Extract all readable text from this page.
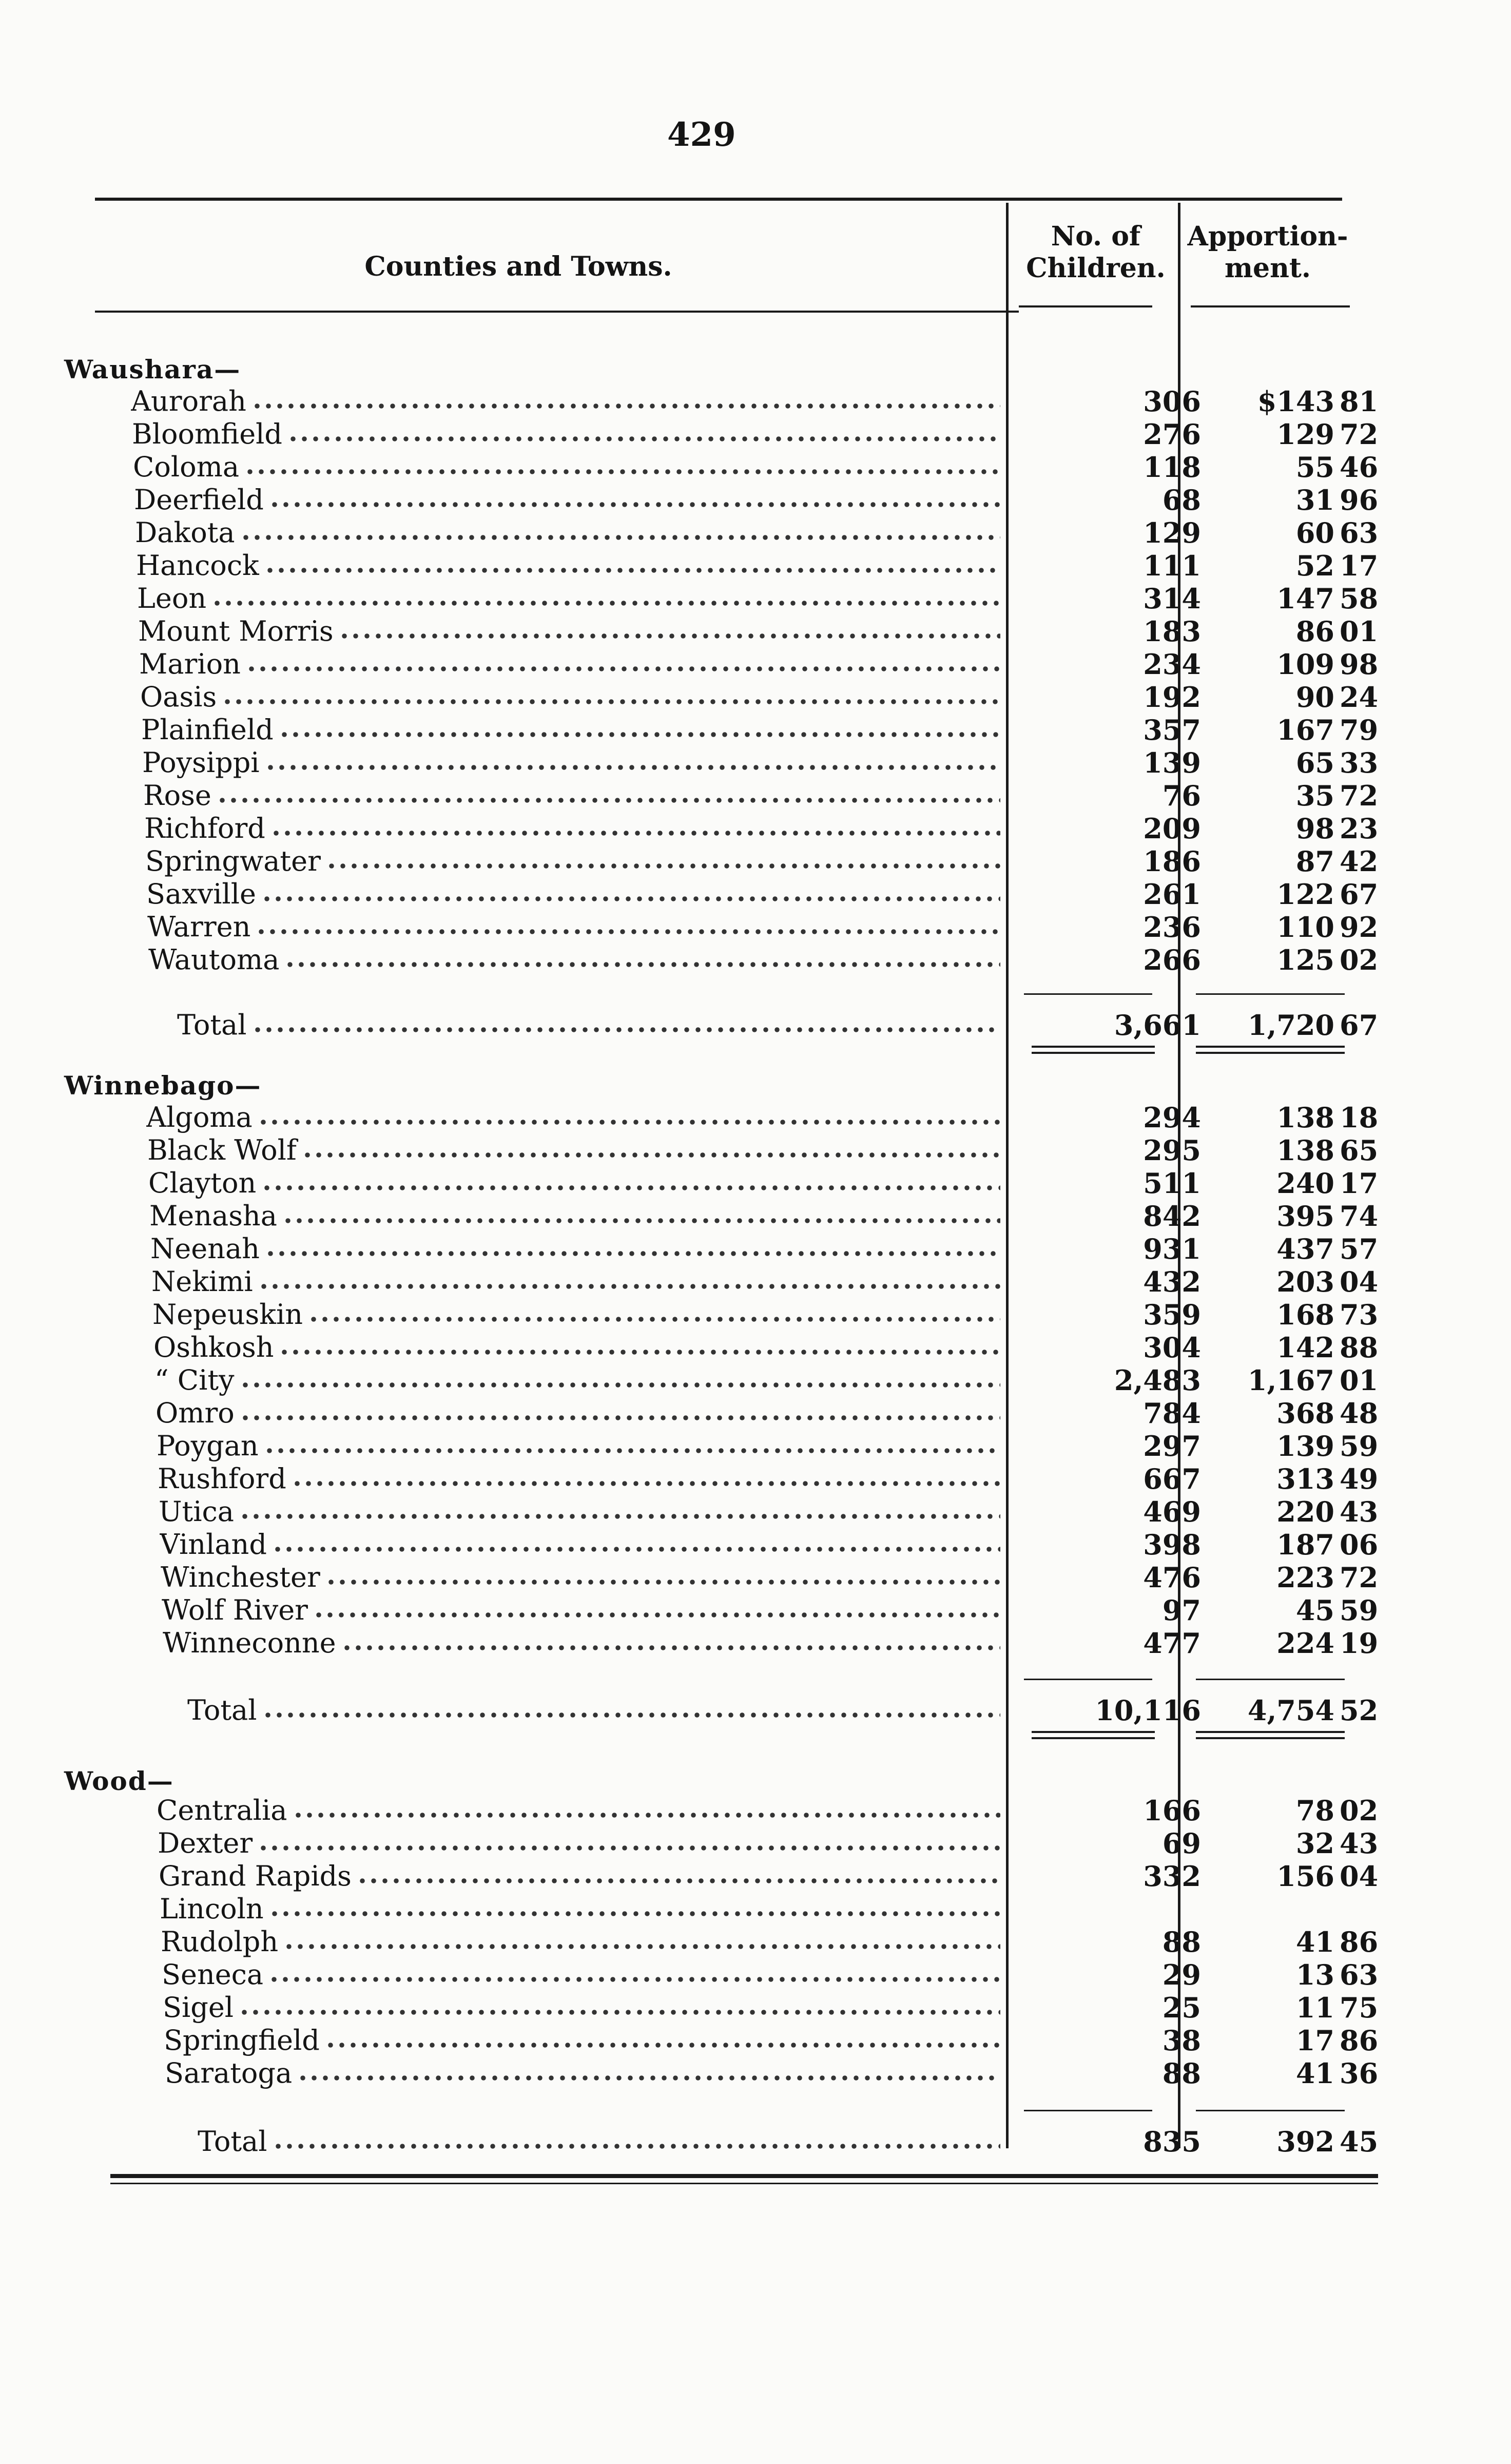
429
Counties and Towns.
No. of Children.
Apportion-ment.
Waushara—
Aurorah	306	$143 81
Bloomfield	276	129 72
Coloma	118	55 46
Deerfield	68	31 96
Dakota	129	60 63
Hancock	111	52 17
Leon	314	147 58
Mount Morris	183	86 01
Marion	234	109 98
Oasis	192	90 24
Plainfield	357	167 79
Poysippi	139	65 33
Rose	76	35 72
Richford	209	98 23
Springwater	186	87 42
Saxville	261	122 67
Warren	236	110 92
Wautoma	266	125 02
Total	3,661	1,720 67
Winnebago—
Algoma	294	138 18
Black Wolf	295	138 65
Clayton	511	240 17
Menasha	842	395 74
Neenah	931	437 57
Nekimi	432	203 04
Nepeuskin	359	168 73
Oshkosh	304	142 88
“ City	2,483	1,167 01
Omro	784	368 48
Poygan	297	139 59
Rushford	667	313 49
Utica	469	220 43
Vinland	398	187 06
Winchester	476	223 72
Wolf River	97	45 59
Winneconne	477	224 19
Total	10,116	4,754 52
Wood—
Centralia	166	78 02
Dexter	69	32 43
Grand Rapids	332	156 04
Lincoln
Rudolph	88	41 86
Seneca	29	13 63
Sigel	25	11 75
Springfield	38	17 86
Saratoga	88	41 36
Total	835	392 45
